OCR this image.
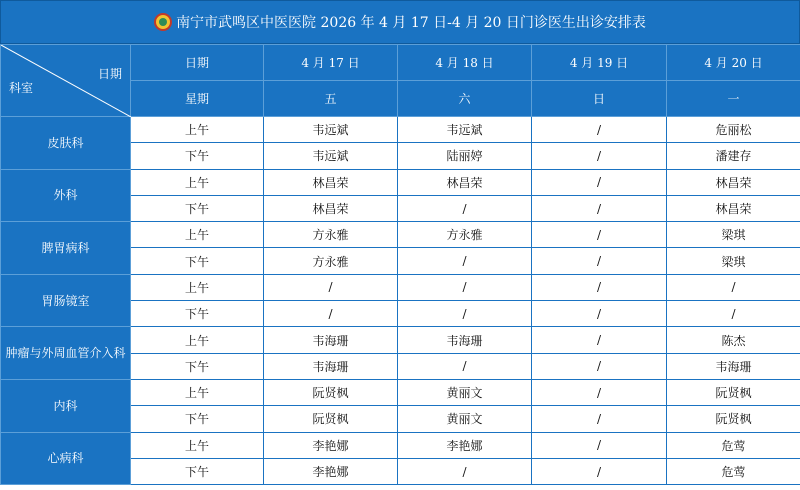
南宁市武鸣区中医医院 2026 年 4 月 17 日-4 月 20 日门诊医生出诊安排表
日期
科室	日期	4 月 17 日	4 月 18 日	4 月 19 日	4 月 20 日
	星期	五	六	日	一
皮肤科	上午	韦远斌	韦远斌	/	危丽松
	下午	韦远斌	陆丽婷	/	潘建存
外科	上午	林昌荣	林昌荣	/	林昌荣
	下午	林昌荣	/	/	林昌荣
脾胃病科	上午	方永雅	方永雅	/	梁琪
	下午	方永雅	/	/	梁琪
胃肠镜室	上午	/	/	/	/
	下午	/	/	/	/
肿瘤与外周血管介入科	上午	韦海珊	韦海珊	/	陈杰
	下午	韦海珊	/	/	韦海珊
内科	上午	阮贤枫	黄丽文	/	阮贤枫
	下午	阮贤枫	黄丽文	/	阮贤枫
心病科	上午	李艳娜	李艳娜	/	危莺
	下午	李艳娜	/	/	危莺
